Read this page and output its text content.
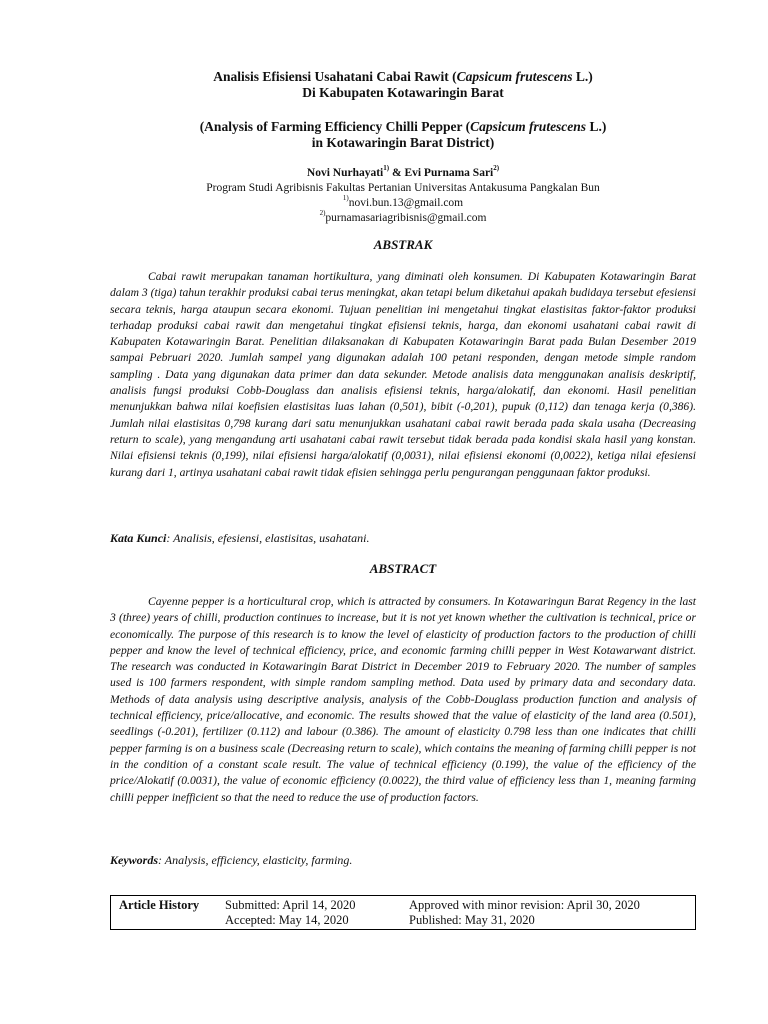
Analisis Efisiensi Usahatani Cabai Rawit (Capsicum frutescens L.)
Di Kabupaten Kotawaringin Barat
(Analysis of Farming Efficiency Chilli Pepper (Capsicum frutescens L.)
in Kotawaringin Barat District)
Novi Nurhayati$^{1)}$ & Evi Purnama Sari$^{2)}$
Program Studi Agribisnis Fakultas Pertanian Universitas Antakusuma Pangkalan Bun
$^{1)}$novi.bun.13@gmail.com
$^{2)}$purnamasariagribisnis@gmail.com
ABSTRAK

Cabai rawit merupakan tanaman hortikultura, yang diminati oleh konsumen. Di Kabupaten Kotawaringin Barat dalam 3 (tiga) tahun terakhir produksi cabai terus meningkat, akan tetapi belum diketahui apakah budidaya tersebut efesiensi secara teknis, harga ataupun secara ekonomi. Tujuan penelitian ini mengetahui tingkat elastisitas faktor-faktor produksi terhadap produksi cabai rawit dan mengetahui tingkat efisiensi teknis, harga, dan ekonomi usahatani cabai rawit di Kabupaten Kotawaringin Barat. Penelitian dilaksanakan di Kabupaten Kotawaringin Barat pada Bulan Desember 2019 sampai Pebruari 2020. Jumlah sampel yang digunakan adalah 100 petani responden, dengan metode simple random sampling . Data yang digunakan data primer dan data sekunder. Metode analisis data menggunakan analisis deskriptif, analisis fungsi produksi Cobb-Douglass dan analisis efisiensi teknis, harga/alokatif, dan ekonomi. Hasil penelitian menunjukkan bahwa nilai koefisien elastisitas luas lahan (0,501), bibit (-0,201), pupuk (0,112) dan tenaga kerja (0,386). Jumlah nilai elastisitas 0,798 kurang dari satu menunjukkan usahatani cabai rawit berada pada skala usaha (Decreasing return to scale), yang mengandung arti usahatani cabai rawit tersebut tidak berada pada kondisi skala hasil yang konstan. Nilai efisiensi teknis (0,199), nilai efisiensi harga/alokatif (0,0031), nilai efisiensi ekonomi (0,0022), ketiga nilai efesiensi kurang dari 1, artinya usahatani cabai rawit tidak efisien sehingga perlu pengurangan penggunaan faktor produksi.

Kata Kunci: Analisis, efesiensi, elastisitas, usahatani.
ABSTRACT

Cayenne pepper is a horticultural crop, which is attracted by consumers. In Kotawaringun Barat Regency in the last 3 (three) years of chilli, production continues to increase, but it is not yet known whether the cultivation is technical, price or economically. The purpose of this research is to know the level of elasticity of production factors to the production of chilli pepper and know the level of technical efficiency, price, and economic farming chilli pepper in West Kotawarwant district. The research was conducted in Kotawaringin Barat District in December 2019 to February 2020. The number of samples used is 100 farmers respondent, with simple random sampling method. Data used by primary data and secondary data. Methods of data analysis using descriptive analysis, analysis of the Cobb-Douglass production function and analysis of technical efficiency, price/allocative, and economic. The results showed that the value of elasticity of the land area (0.501), seedlings (-0.201), fertilizer (0.112) and labour (0.386). The amount of elasticity 0.798 less than one indicates that chilli pepper farming is on a business scale (Decreasing return to scale), which contains the meaning of farming chilli pepper is not in the condition of a constant scale result. The value of technical efficiency (0.199), the value of the efficiency of the price/Alokatif (0.0031), the value of economic efficiency (0.0022), the third value of efficiency less than 1, meaning farming chilli pepper inefficient so that the need to reduce the use of production factors.

Keywords: Analysis, efficiency, elasticity, farming.
Article History Submitted: April 14, 2020
Accepted: May 14, 2020
Approved with minor revision: April 30, 2020
Published: May 31, 2020
